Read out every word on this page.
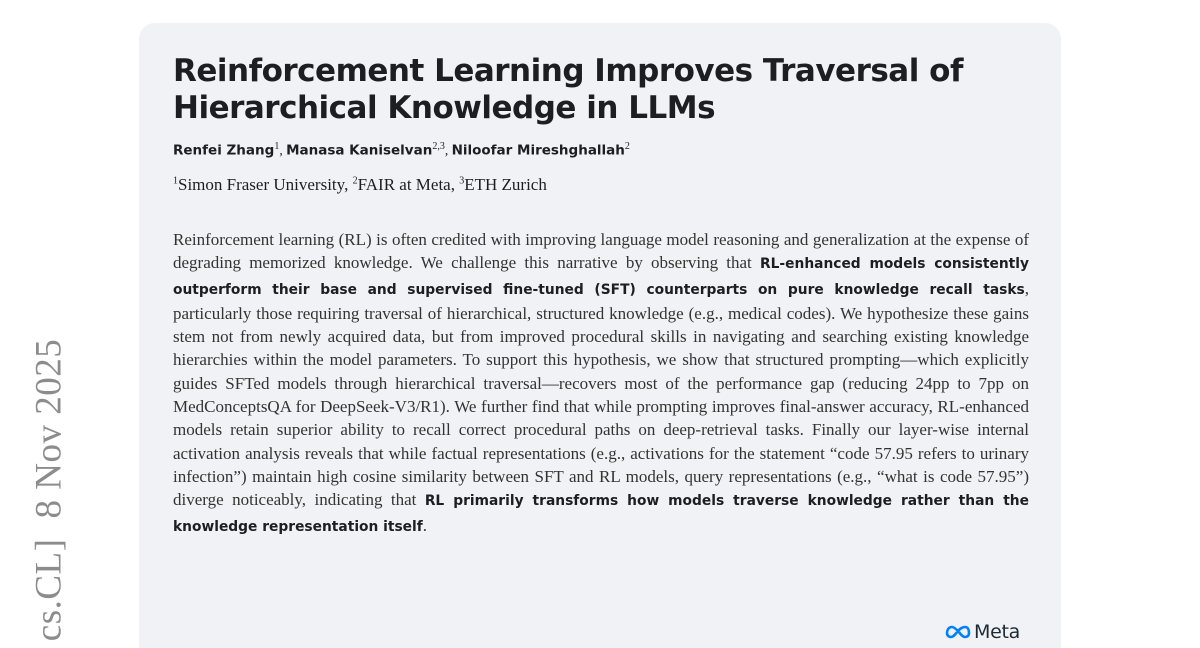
cs.CL]8 Nov 2025
Reinforcement Learning Improves Traversal of Hierarchical Knowledge in LLMs
Renfei Zhang$^1$, Manasa Kaniselvan$^{2,3}$, Niloofar Mireshghallah$^2$
$^1$Simon Fraser University, $^2$FAIR at Meta, $^3$ETH Zurich

Reinforcement learning (RL) is often credited with improving language model reasoning and generalization at the expense of degrading memorized knowledge. We challenge this narrative by observing that RL-enhanced models consistently outperform their base and supervised fine-tuned (SFT) counterparts on pure knowledge recall tasks, particularly those requiring traversal of hierarchical, structured knowledge (e.g., medical codes). We hypothesize these gains stem not from newly acquired data, but from improved procedural skills in navigating and searching existing knowledge hierarchies within the model parameters. To support this hypothesis, we show that structured prompting—which explicitly guides SFTed models through hierarchical traversal—recovers most of the performance gap (reducing 24pp to 7pp on MedConceptsQA for DeepSeek-V3/R1). We further find that while prompting improves final-answer accuracy, RL-enhanced models retain superior ability to recall correct procedural paths on deep-retrieval tasks. Finally our layer-wise internal activation analysis reveals that while factual representations (e.g., activations for the statement “code 57.95 refers to urinary infection”) maintain high cosine similarity between SFT and RL models, query representations (e.g., “what is code 57.95”) diverge noticeably, indicating that RL primarily transforms how models traverse knowledge rather than the knowledge representation itself.

Meta
